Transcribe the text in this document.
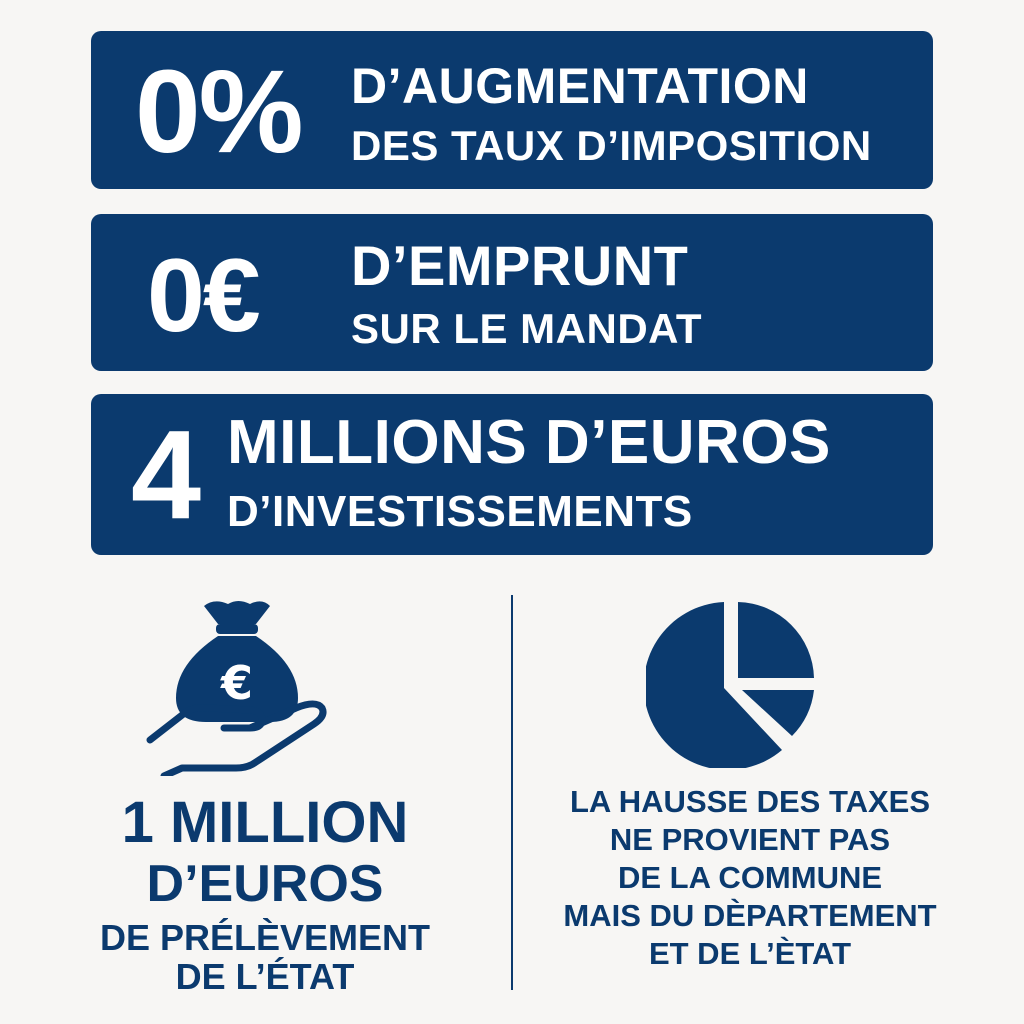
0% D’AUGMENTATION
DES TAUX D’IMPOSITION
0€ D’EMPRUNT
SUR LE MANDAT
4 MILLIONS D’EUROS
D’INVESTISSEMENTS
€
1 MILLION
D’EUROS
DE PRÉLÈVEMENT
DE L’ÉTAT
LA HAUSSE DES TAXES
NE PROVIENT PAS
DE LA COMMUNE
MAIS DU DÈPARTEMENT
ET DE L’ÈTAT
